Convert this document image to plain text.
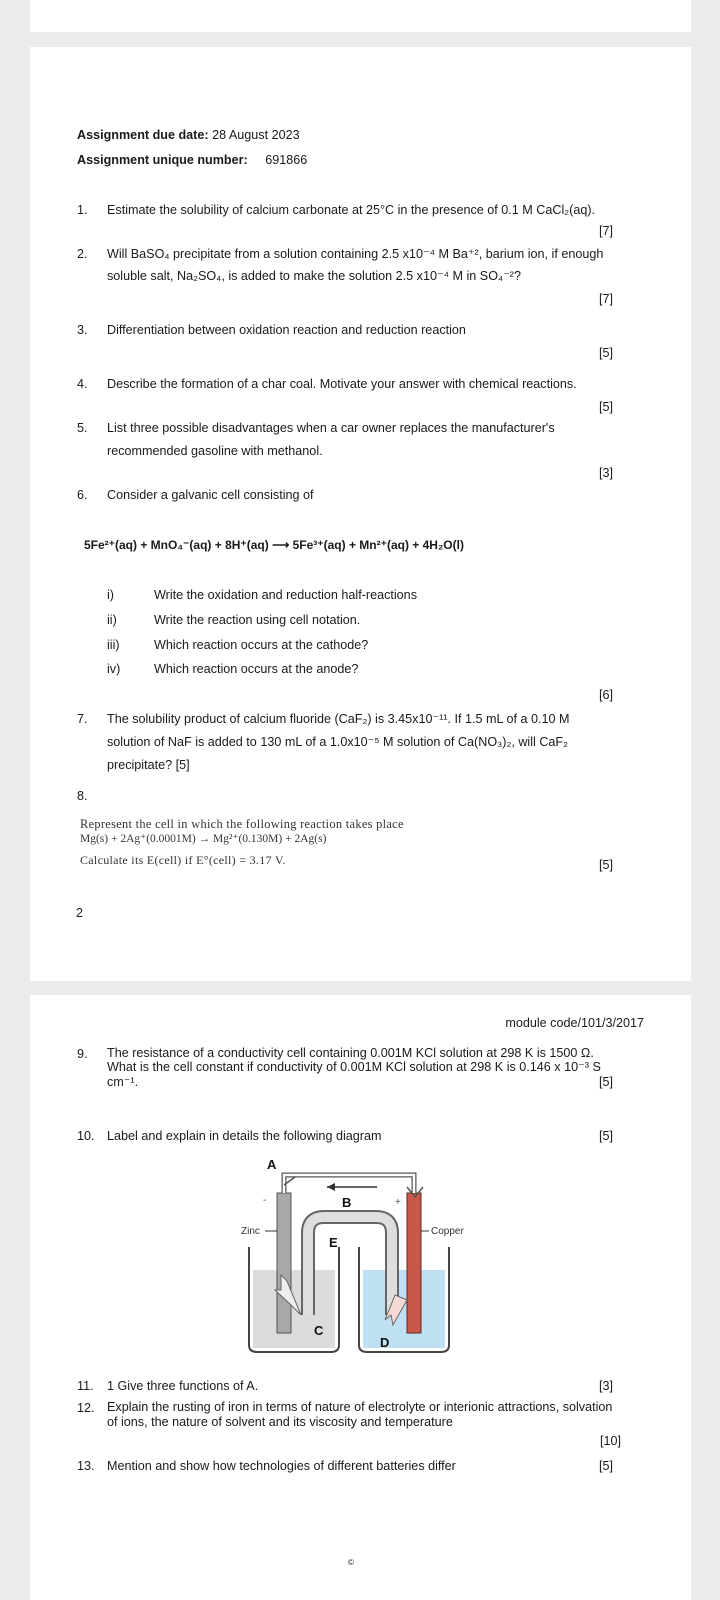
Assignment due date: 28 August 2023
Assignment unique number: 691866
1. Estimate the solubility of calcium carbonate at 25°C in the presence of 0.1 M CaCl₂(aq).
[7]
2. Will BaSO₄ precipitate from a solution containing 2.5 x10⁻⁴ M Ba⁺², barium ion, if enough
soluble salt, Na₂SO₄, is added to make the solution 2.5 x10⁻⁴ M in SO₄⁻²?
[7]
3. Differentiation between oxidation reaction and reduction reaction
[5]
4. Describe the formation of a char coal. Motivate your answer with chemical reactions.
[5]
5. List three possible disadvantages when a car owner replaces the manufacturer's
recommended gasoline with methanol.
[3]
6. Consider a galvanic cell consisting of
5Fe²⁺(aq) + MnO₄⁻(aq) + 8H⁺(aq) ⟶ 5Fe³⁺(aq) + Mn²⁺(aq) + 4H₂O(l)
i)	Write the oxidation and reduction half-reactions
ii)	Write the reaction using cell notation.
iii)	Which reaction occurs at the cathode?
iv)	Which reaction occurs at the anode?
[6]
7. The solubility product of calcium fluoride (CaF₂) is 3.45x10⁻¹¹. If 1.5 mL of a 0.10 M
solution of NaF is added to 130 mL of a 1.0x10⁻⁵ M solution of Ca(NO₃)₂, will CaF₂
precipitate? [5]
8.
Represent the cell in which the following reaction takes place
Mg(s) + 2Ag⁺(0.0001M) → Mg²⁺(0.130M) + 2Ag(s)
Calculate its E(cell) if E°(cell) = 3.17 V.	[5]
2
module code/101/3/2017
9. The resistance of a conductivity cell containing 0.001M KCl solution at 298 K is 1500 Ω.
What is the cell constant if conductivity of 0.001M KCl solution at 298 K is 0.146 x 10⁻³ S
cm⁻¹.	[5]
10. Label and explain in details the following diagram	[5]
A
B
E
C
D
Zinc	Copper
-	+
11. 1 Give three functions of A.	[3]
12. Explain the rusting of iron in terms of nature of electrolyte or interionic attractions, solvation
of ions, the nature of solvent and its viscosity and temperature
[10]
13. Mention and show how technologies of different batteries differ	[5]
©
